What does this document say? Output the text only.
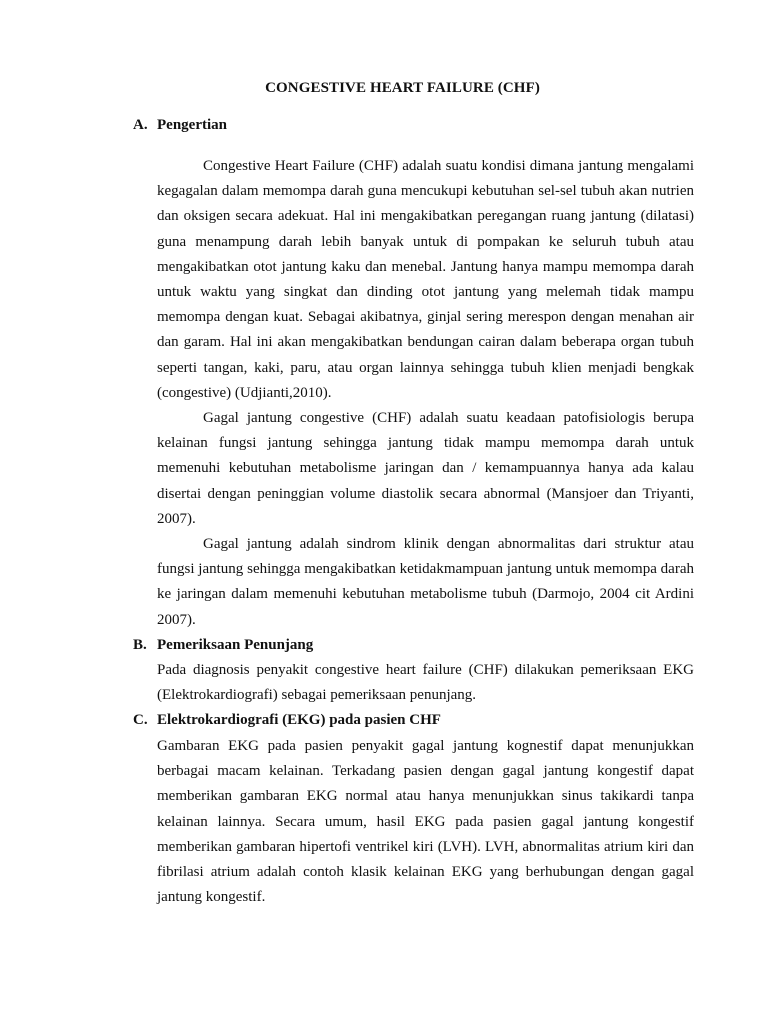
CONGESTIVE HEART FAILURE (CHF)
A. Pengertian

Congestive Heart Failure (CHF) adalah suatu kondisi dimana jantung mengalami kegagalan dalam memompa darah guna mencukupi kebutuhan sel-sel tubuh akan nutrien dan oksigen secara adekuat. Hal ini mengakibatkan peregangan ruang jantung (dilatasi) guna menampung darah lebih banyak untuk di pompakan ke seluruh tubuh atau mengakibatkan otot jantung kaku dan menebal. Jantung hanya mampu memompa darah untuk waktu yang singkat dan dinding otot jantung yang melemah tidak mampu memompa dengan kuat. Sebagai akibatnya, ginjal sering merespon dengan menahan air dan garam. Hal ini akan mengakibatkan bendungan cairan dalam beberapa organ tubuh seperti tangan, kaki, paru, atau organ lainnya sehingga tubuh klien menjadi bengkak (congestive) (Udjianti,2010).

Gagal jantung congestive (CHF) adalah suatu keadaan patofisiologis berupa kelainan fungsi jantung sehingga jantung tidak mampu memompa darah untuk memenuhi kebutuhan metabolisme jaringan dan / kemampuannya hanya ada kalau disertai dengan peninggian volume diastolik secara abnormal (Mansjoer dan Triyanti, 2007).

Gagal jantung adalah sindrom klinik dengan abnormalitas dari struktur atau fungsi jantung sehingga mengakibatkan ketidakmampuan jantung untuk memompa darah ke jaringan dalam memenuhi kebutuhan metabolisme tubuh (Darmojo, 2004 cit Ardini 2007).

B. Pemeriksaan Penunjang

Pada diagnosis penyakit congestive heart failure (CHF) dilakukan pemeriksaan EKG (Elektrokardiografi) sebagai pemeriksaan penunjang.

C. Elektrokardiografi (EKG) pada pasien CHF

Gambaran EKG pada pasien penyakit gagal jantung kognestif dapat menunjukkan berbagai macam kelainan. Terkadang pasien dengan gagal jantung kongestif dapat memberikan gambaran EKG normal atau hanya menunjukkan sinus takikardi tanpa kelainan lainnya. Secara umum, hasil EKG pada pasien gagal jantung kongestif memberikan gambaran hipertofi ventrikel kiri (LVH). LVH, abnormalitas atrium kiri dan fibrilasi atrium adalah contoh klasik kelainan EKG yang berhubungan dengan gagal jantung kongestif.
